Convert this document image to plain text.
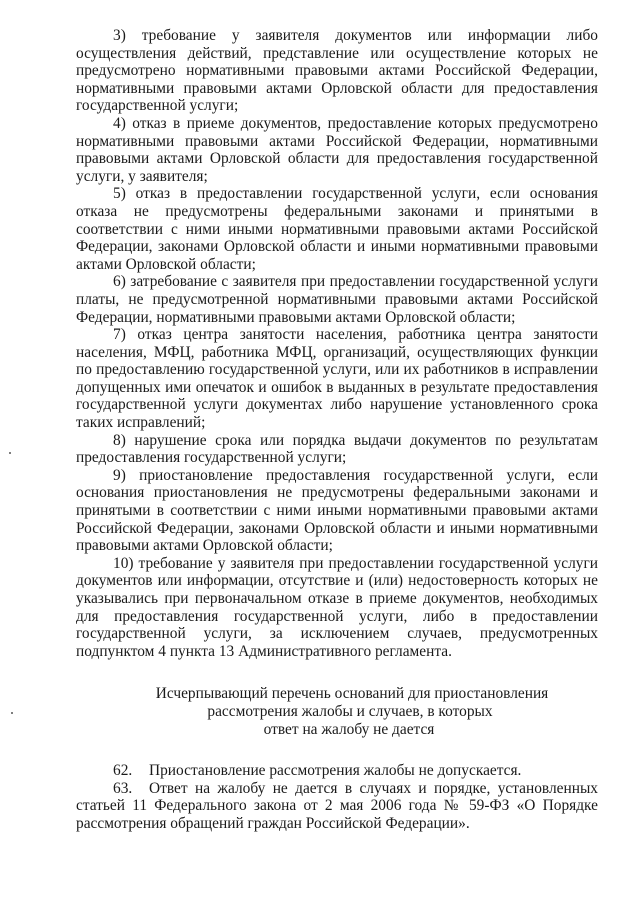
3) требование у заявителя документов или информации либо осуществления действий, представление или осуществление которых не предусмотрено нормативными правовыми актами Российской Федерации, нормативными правовыми актами Орловской области для предоставления государственной услуги;

4) отказ в приеме документов, предоставление которых предусмотрено нормативными правовыми актами Российской Федерации, нормативными правовыми актами Орловской области для предоставления государственной услуги, у заявителя;

5) отказ в предоставлении государственной услуги, если основания отказа не предусмотрены федеральными законами и принятыми в соответствии с ними иными нормативными правовыми актами Российской Федерации, законами Орловской области и иными нормативными правовыми актами Орловской области;

6) затребование с заявителя при предоставлении государственной услуги платы, не предусмотренной нормативными правовыми актами Российской Федерации, нормативными правовыми актами Орловской области;

7) отказ центра занятости населения, работника центра занятости населения, МФЦ, работника МФЦ, организаций, осуществляющих функции по предоставлению государственной услуги, или их работников в исправлении допущенных ими опечаток и ошибок в выданных в результате предоставления государственной услуги документах либо нарушение установленного срока таких исправлений;

8) нарушение срока или порядка выдачи документов по результатам предоставления государственной услуги;

9) приостановление предоставления государственной услуги, если основания приостановления не предусмотрены федеральными законами и принятыми в соответствии с ними иными нормативными правовыми актами Российской Федерации, законами Орловской области и иными нормативными правовыми актами Орловской области;

10) требование у заявителя при предоставлении государственной услуги документов или информации, отсутствие и (или) недостоверность которых не указывались при первоначальном отказе в приеме документов, необходимых для предоставления государственной услуги, либо в предоставлении государственной услуги, за исключением случаев, предусмотренных подпунктом 4 пункта 13 Административного регламента.

Исчерпывающий перечень оснований для приостановления
рассмотрения жалобы и случаев, в которых
ответ на жалобу не дается

62. Приостановление рассмотрения жалобы не допускается.

63. Ответ на жалобу не дается в случаях и порядке, установленных статьей 11 Федерального закона от 2 мая 2006 года № 59-ФЗ «О Порядке рассмотрения обращений граждан Российской Федерации».
